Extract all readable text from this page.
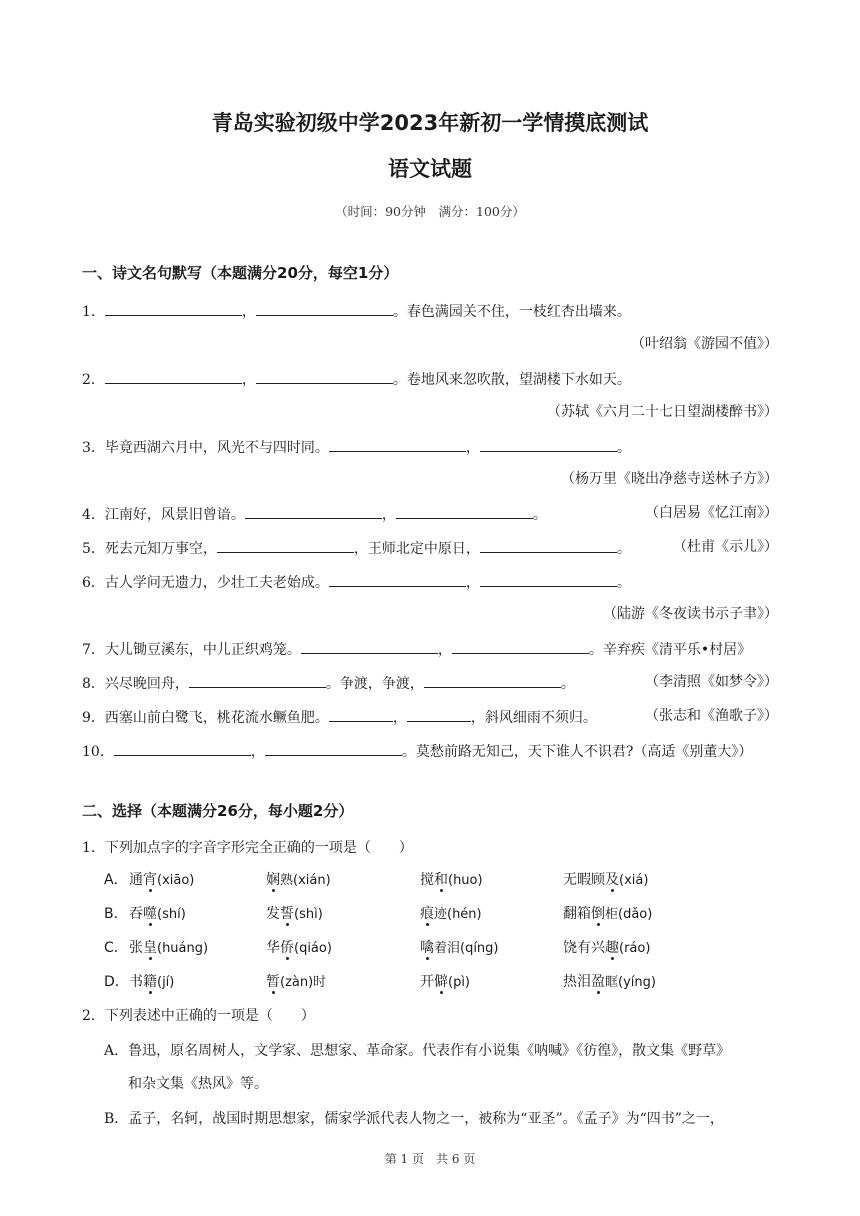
青岛实验初级中学2023年新初一学情摸底测试
语文试题
（时间：90分钟　满分：100分）
一、诗文名句默写（本题满分20分，每空1分）
1．	，	。春色满园关不住，一枝红杏出墙来。
（叶绍翁《游园不值》）
2．	，	。卷地风来忽吹散，望湖楼下水如天。
（苏轼《六月二十七日望湖楼醉书》）
3．毕竟西湖六月中，风光不与四时同。	，	。
（杨万里《晓出净慈寺送林子方》）
4．江南好，风景旧曾谙。	，	。	（白居易《忆江南》）
5．死去元知万事空，	，王师北定中原日，	。	（杜甫《示儿》）
6．古人学问无遗力，少壮工夫老始成。	，	。
（陆游《冬夜读书示子聿》）
7．大儿锄豆溪东，中儿正织鸡笼。	，	。辛弃疾《清平乐•村居》
8．兴尽晚回舟，	。争渡，争渡，	。	（李清照《如梦令》）
9．西塞山前白鹭飞，桃花流水鳜鱼肥。	，	，斜风细雨不须归。	（张志和《渔歌子》）
10．	，	。莫愁前路无知己，天下谁人不识君?（高适《别董大》）
二、选择（本题满分26分，每小题2分）
1．下列加点字的字音字形完全正确的一项是（　　）
A． 通宵(xiāo)	娴熟(xián)	搅和(huo)	无暇顾及(xiá)
B． 吞噬(shí)	发誓(shì)	痕迹(hén)	翻箱倒柜(dǎo)
C． 张皇(huáng)	华侨(qiáo)	噙着泪(qíng)	饶有兴趣(ráo)
D． 书籍(jí)	暂(zàn)时	开僻(pì)	热泪盈眶(yíng)
2．下列表述中正确的一项是（　　）
A．鲁迅，原名周树人，文学家、思想家、革命家。代表作有小说集《呐喊》《彷徨》，散文集《野草》
和杂文集《热风》等。
B．孟子，名轲，战国时期思想家，儒家学派代表人物之一，被称为“亚圣”。《孟子》为“四书”之一，
第 1 页　共 6 页
